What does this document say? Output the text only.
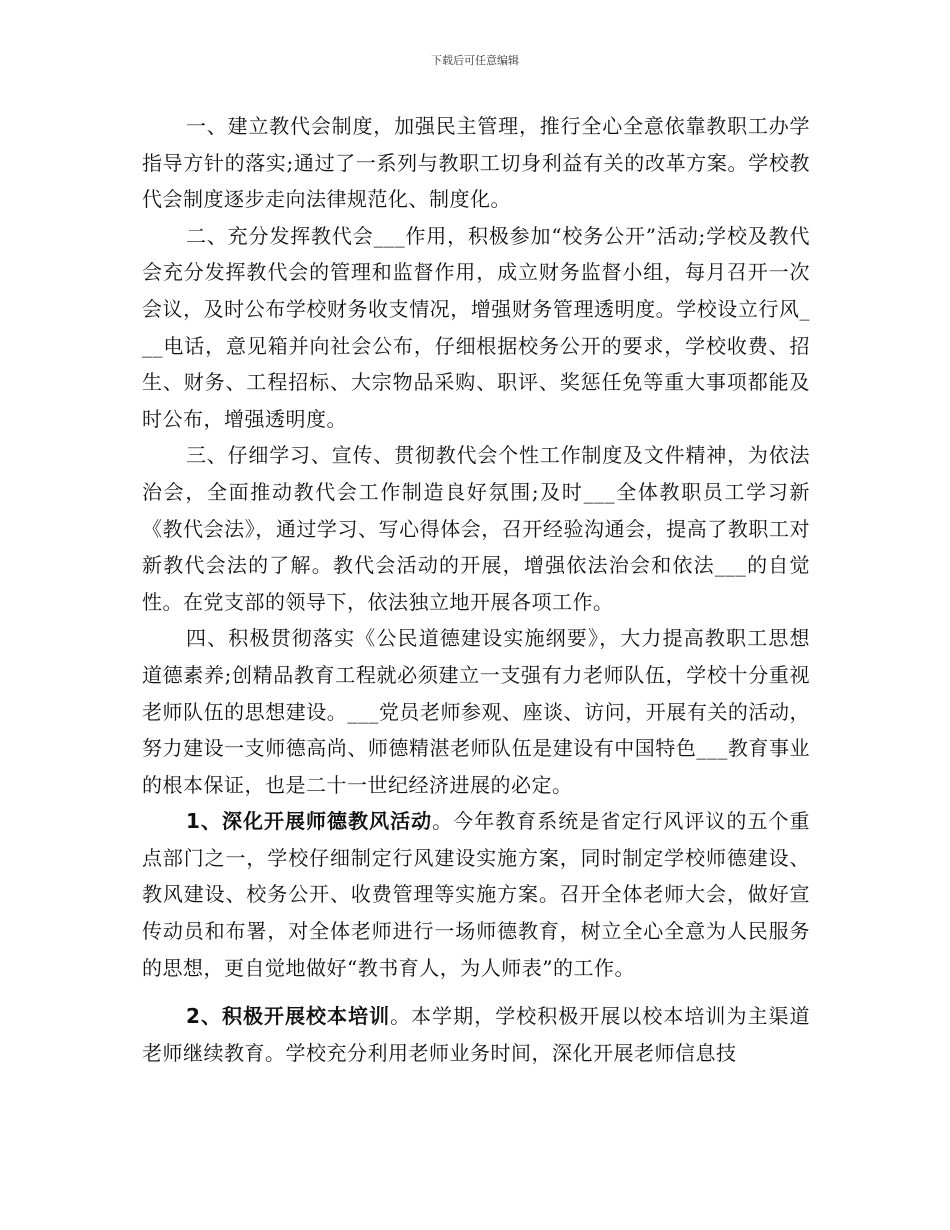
下载后可任意编辑

一、建立教代会制度，加强民主管理，推行全心全意依靠教职工办学指导方针的落实;通过了一系列与教职工切身利益有关的改革方案。学校教代会制度逐步走向法律规范化、制度化。

二、充分发挥教代会___作用，积极参加“校务公开”活动;学校及教代会充分发挥教代会的管理和监督作用，成立财务监督小组，每月召开一次会议，及时公布学校财务收支情况，增强财务管理透明度。学校设立行风___电话，意见箱并向社会公布，仔细根据校务公开的要求，学校收费、招生、财务、工程招标、大宗物品采购、职评、奖惩任免等重大事项都能及时公布，增强透明度。

三、仔细学习、宣传、贯彻教代会个性工作制度及文件精神，为依法治会，全面推动教代会工作制造良好氛围;及时___全体教职员工学习新《教代会法》，通过学习、写心得体会，召开经验沟通会，提高了教职工对新教代会法的了解。教代会活动的开展，增强依法治会和依法___的自觉性。在党支部的领导下，依法独立地开展各项工作。

四、积极贯彻落实《公民道德建设实施纲要》，大力提高教职工思想道德素养;创精品教育工程就必须建立一支强有力老师队伍，学校十分重视老师队伍的思想建设。___党员老师参观、座谈、访问，开展有关的活动，努力建设一支师德高尚、师德精湛老师队伍是建设有中国特色___教育事业的根本保证，也是二十一世纪经济进展的必定。

1、深化开展师德教风活动。今年教育系统是省定行风评议的五个重点部门之一，学校仔细制定行风建设实施方案，同时制定学校师德建设、教风建设、校务公开、收费管理等实施方案。召开全体老师大会，做好宣传动员和布署，对全体老师进行一场师德教育，树立全心全意为人民服务的思想，更自觉地做好“教书育人，为人师表”的工作。

2、积极开展校本培训。本学期，学校积极开展以校本培训为主渠道老师继续教育。学校充分利用老师业务时间，深化开展老师信息技
